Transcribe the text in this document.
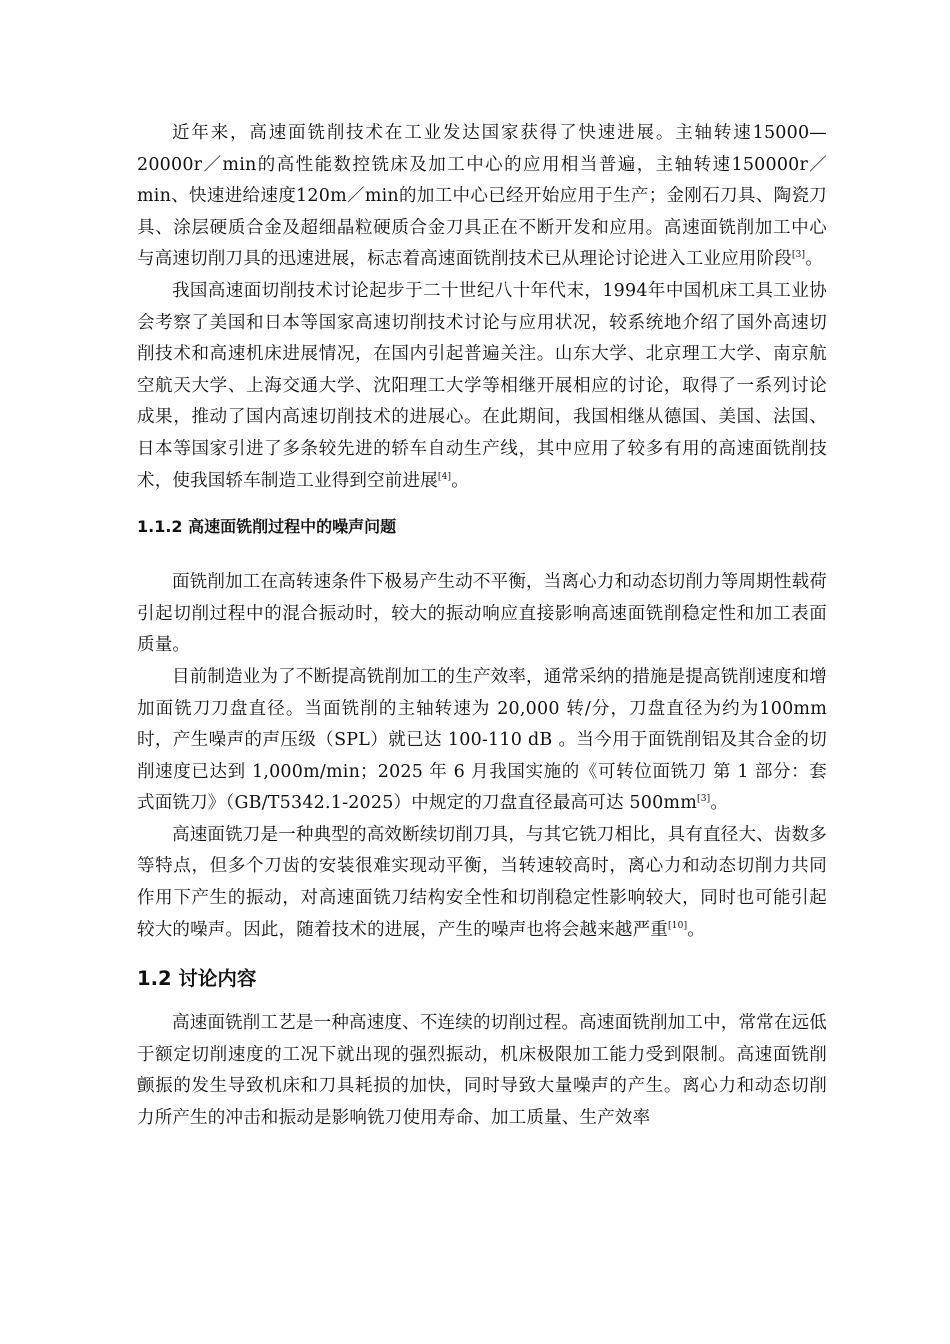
近年来，高速面铣削技术在工业发达国家获得了快速进展。主轴转速15000—20000r／min的高性能数控铣床及加工中心的应用相当普遍，主轴转速150000r／min、快速进给速度120m／min的加工中心已经开始应用于生产；金刚石刀具、陶瓷刀具、涂层硬质合金及超细晶粒硬质合金刀具正在不断开发和应用。高速面铣削加工中心与高速切削刀具的迅速进展，标志着高速面铣削技术已从理论讨论进入工业应用阶段[3]。

我国高速面切削技术讨论起步于二十世纪八十年代末，1994年中国机床工具工业协会考察了美国和日本等国家高速切削技术讨论与应用状况，较系统地介绍了国外高速切削技术和高速机床进展情况，在国内引起普遍关注。山东大学、北京理工大学、南京航空航天大学、上海交通大学、沈阳理工大学等相继开展相应的讨论，取得了一系列讨论成果，推动了国内高速切削技术的进展心。在此期间，我国相继从德国、美国、法国、日本等国家引进了多条较先进的轿车自动生产线，其中应用了较多有用的高速面铣削技术，使我国轿车制造工业得到空前进展[4]。

1.1.2 高速面铣削过程中的噪声问题

面铣削加工在高转速条件下极易产生动不平衡，当离心力和动态切削力等周期性载荷引起切削过程中的混合振动时，较大的振动响应直接影响高速面铣削稳定性和加工表面质量。

目前制造业为了不断提高铣削加工的生产效率，通常采纳的措施是提高铣削速度和增加面铣刀刀盘直径。当面铣削的主轴转速为 20,000 转/分，刀盘直径为约为100mm 时，产生噪声的声压级（SPL）就已达 100-110 dB 。当今用于面铣削铝及其合金的切削速度已达到 1,000m/min；2025 年 6 月我国实施的《可转位面铣刀 第 1 部分：套式面铣刀》（GB/T5342.1-2025）中规定的刀盘直径最高可达 500mm[3]。

高速面铣刀是一种典型的高效断续切削刀具，与其它铣刀相比，具有直径大、齿数多等特点，但多个刀齿的安装很难实现动平衡，当转速较高时，离心力和动态切削力共同作用下产生的振动，对高速面铣刀结构安全性和切削稳定性影响较大，同时也可能引起较大的噪声。因此，随着技术的进展，产生的噪声也将会越来越严重[10]。

1.2 讨论内容

高速面铣削工艺是一种高速度、不连续的切削过程。高速面铣削加工中，常常在远低于额定切削速度的工况下就出现的强烈振动，机床极限加工能力受到限制。高速面铣削颤振的发生导致机床和刀具耗损的加快，同时导致大量噪声的产生。离心力和动态切削力所产生的冲击和振动是影响铣刀使用寿命、加工质量、生产效率
